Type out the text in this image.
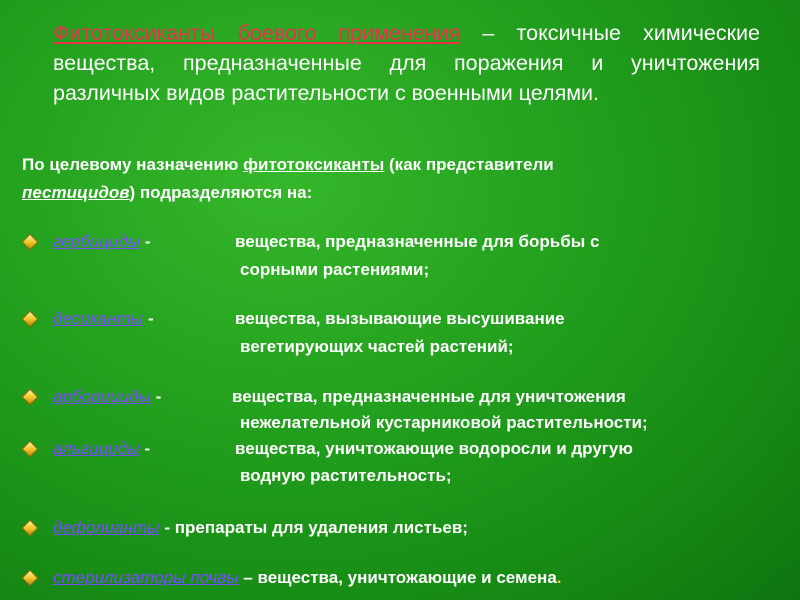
Фитотоксиканты боевого применения – токсичные химические вещества, предназначенные для поражения и уничтожения различных видов растительности с военными целями.

По целевому назначению фитотоксиканты (как представители
пестицидов) подразделяются на:

гербициды -	вещества, предназначенные для борьбы с
сорными растениями;
десиканты -	вещества, вызывающие высушивание
вегетирующих частей растений;
арборициды -	вещества, предназначенные для уничтожения
нежелательной кустарниковой растительности;
альгициды -	вещества, уничтожающие водоросли и другую
водную растительность;
дефолианты - препараты для удаления листьев;
стерилизаторы почвы – вещества, уничтожающие и семена.
